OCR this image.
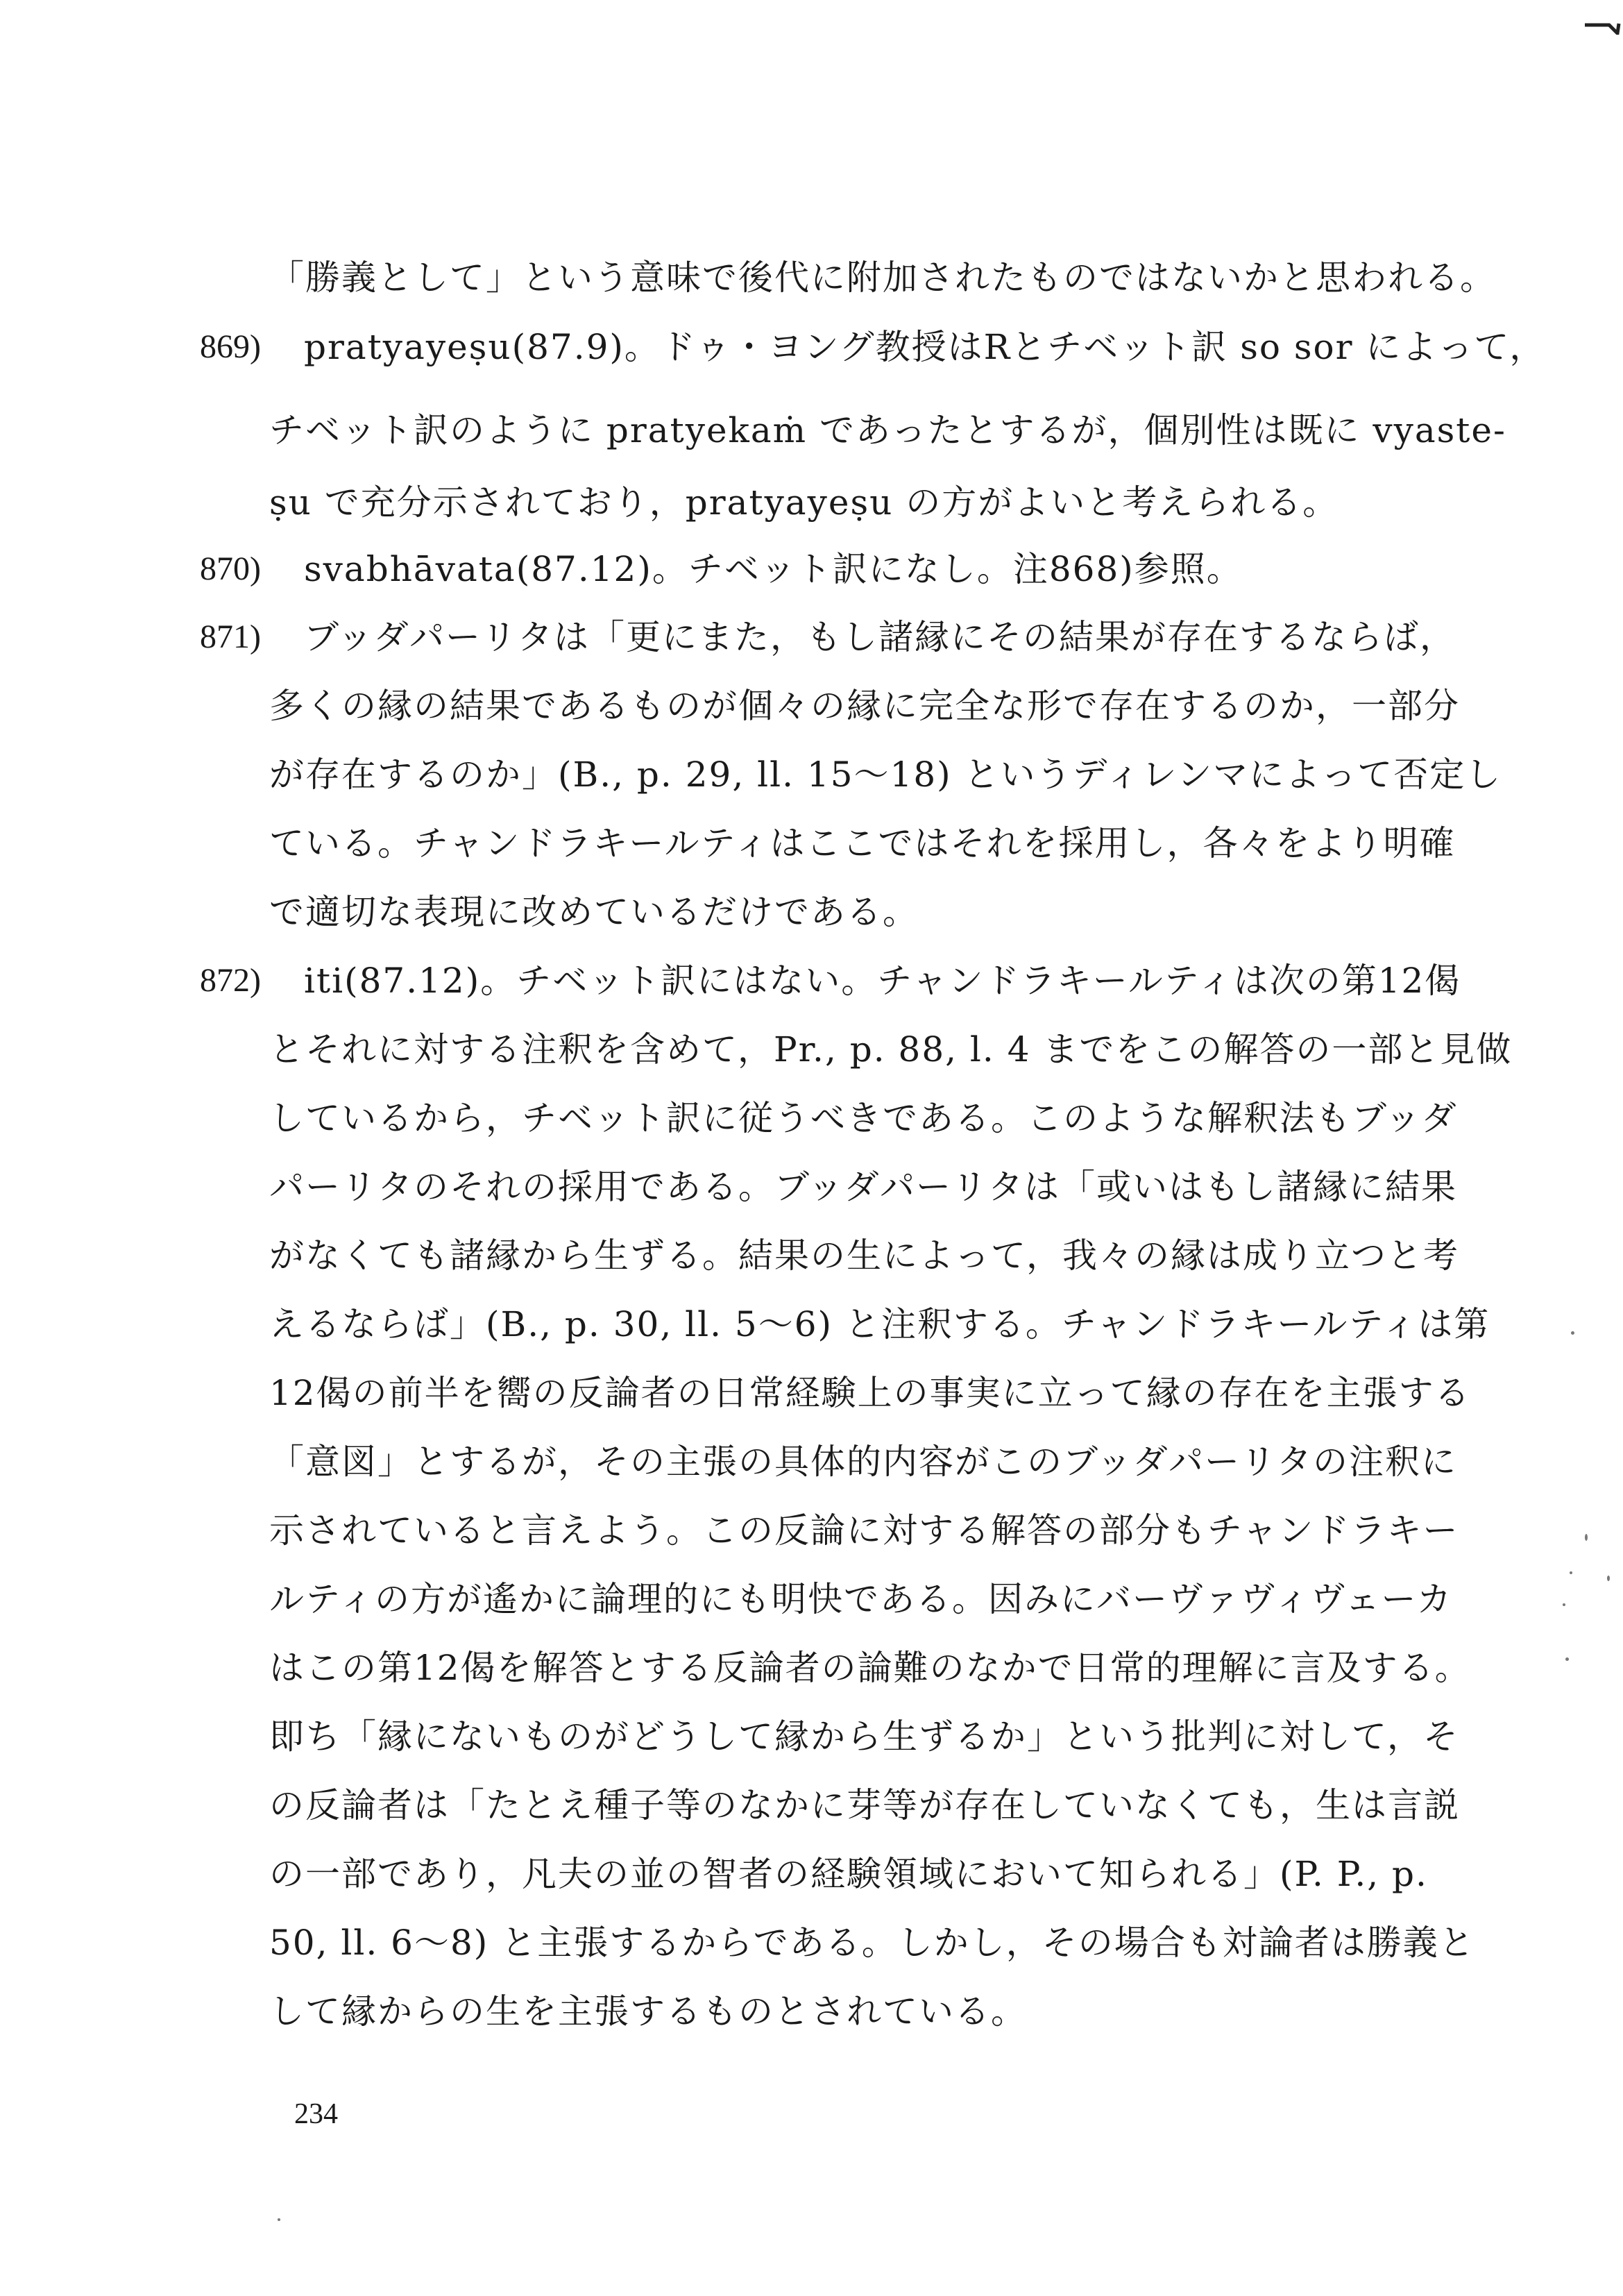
「勝義として」という意味で後代に附加されたものではないかと思われる。
869) pratyayeṣu(87.9)。ドゥ・ヨング教授はRとチベット訳 so sor によって，
チベット訳のように pratyekaṁ であったとするが，個別性は既に vyaste-
ṣu で充分示されており，pratyayeṣu の方がよいと考えられる。
870) svabhāvata(87.12)。チベット訳になし。注868)参照。
871) ブッダパーリタは「更にまた，もし諸縁にその結果が存在するならば，
多くの縁の結果であるものが個々の縁に完全な形で存在するのか，一部分
が存在するのか」(B., p. 29, ll. 15～18) というディレンマによって否定し
ている。チャンドラキールティはここではそれを採用し，各々をより明確
で適切な表現に改めているだけである。
872) iti(87.12)。チベット訳にはない。チャンドラキールティは次の第12偈
とそれに対する注釈を含めて，Pr., p. 88, l. 4 までをこの解答の一部と見做
しているから，チベット訳に従うべきである。このような解釈法もブッダ
パーリタのそれの採用である。ブッダパーリタは「或いはもし諸縁に結果
がなくても諸縁から生ずる。結果の生によって，我々の縁は成り立つと考
えるならば」(B., p. 30, ll. 5～6) と注釈する。チャンドラキールティは第
12偈の前半を嚮の反論者の日常経験上の事実に立って縁の存在を主張する
「意図」とするが，その主張の具体的内容がこのブッダパーリタの注釈に
示されていると言えよう。この反論に対する解答の部分もチャンドラキー
ルティの方が遙かに論理的にも明快である。因みにバーヴァヴィヴェーカ
はこの第12偈を解答とする反論者の論難のなかで日常的理解に言及する。
即ち「縁にないものがどうして縁から生ずるか」という批判に対して，そ
の反論者は「たとえ種子等のなかに芽等が存在していなくても，生は言説
の一部であり，凡夫の並の智者の経験領域において知られる」(P. P., p.
50, ll. 6～8) と主張するからである。しかし，その場合も対論者は勝義と
して縁からの生を主張するものとされている。
234
